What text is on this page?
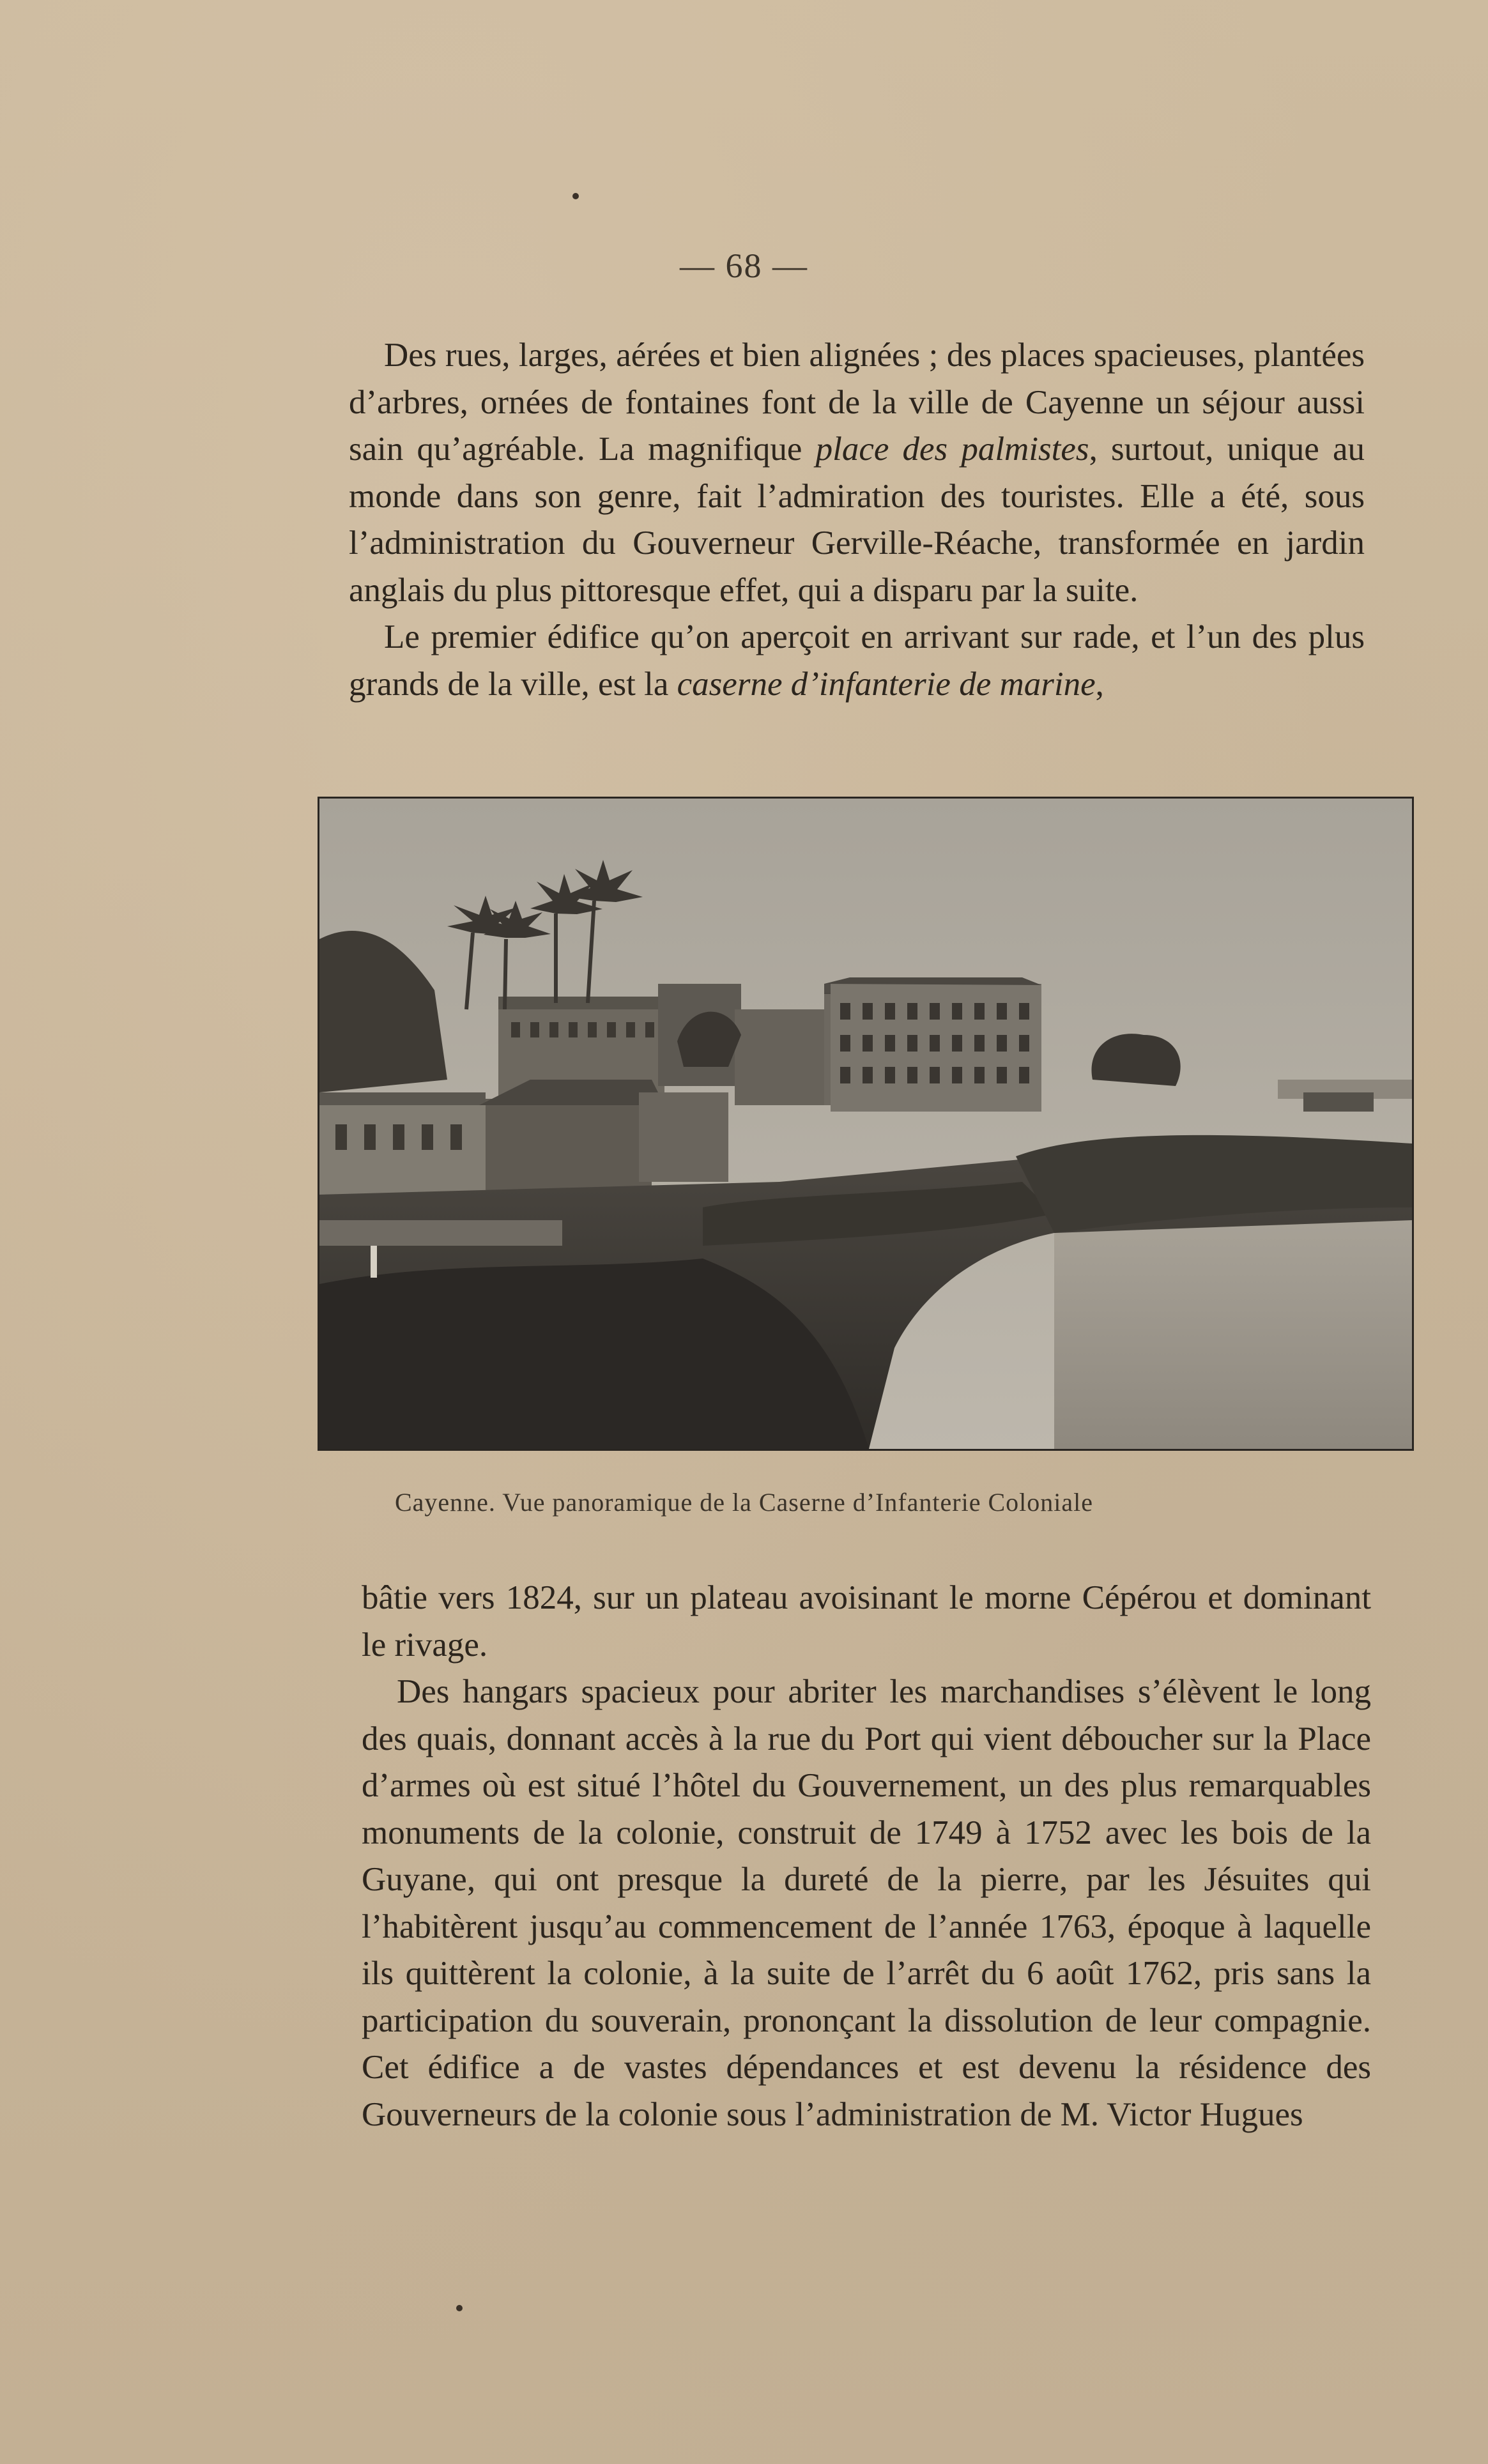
— 68 —

Des rues, larges, aérées et bien alignées ; des places spacieuses, plantées d’arbres, ornées de fontaines font de la ville de Cayenne un séjour aussi sain qu’agréable. La magnifique place des palmistes, surtout, unique au monde dans son genre, fait l’admiration des touristes. Elle a été, sous l’administration du Gouverneur Gerville-Réache, transformée en jardin anglais du plus pittoresque effet, qui a disparu par la suite.

Le premier édifice qu’on aperçoit en arrivant sur rade, et l’un des plus grands de la ville, est la caserne d’infanterie de marine,

Cayenne. Vue panoramique de la Caserne d’Infanterie Coloniale

bâtie vers 1824, sur un plateau avoisinant le morne Cépérou et dominant le rivage.

Des hangars spacieux pour abriter les marchandises s’élèvent le long des quais, donnant accès à la rue du Port qui vient déboucher sur la Place d’armes où est situé l’hôtel du Gouvernement, un des plus remarquables monuments de la colonie, construit de 1749 à 1752 avec les bois de la Guyane, qui ont presque la dureté de la pierre, par les Jésuites qui l’habitèrent jusqu’au commencement de l’année 1763, époque à laquelle ils quittèrent la colonie, à la suite de l’arrêt du 6 août 1762, pris sans la participation du souverain, prononçant la dissolution de leur compagnie. Cet édifice a de vastes dépendances et est devenu la résidence des Gouverneurs de la colonie sous l’administration de M. Victor Hugues
